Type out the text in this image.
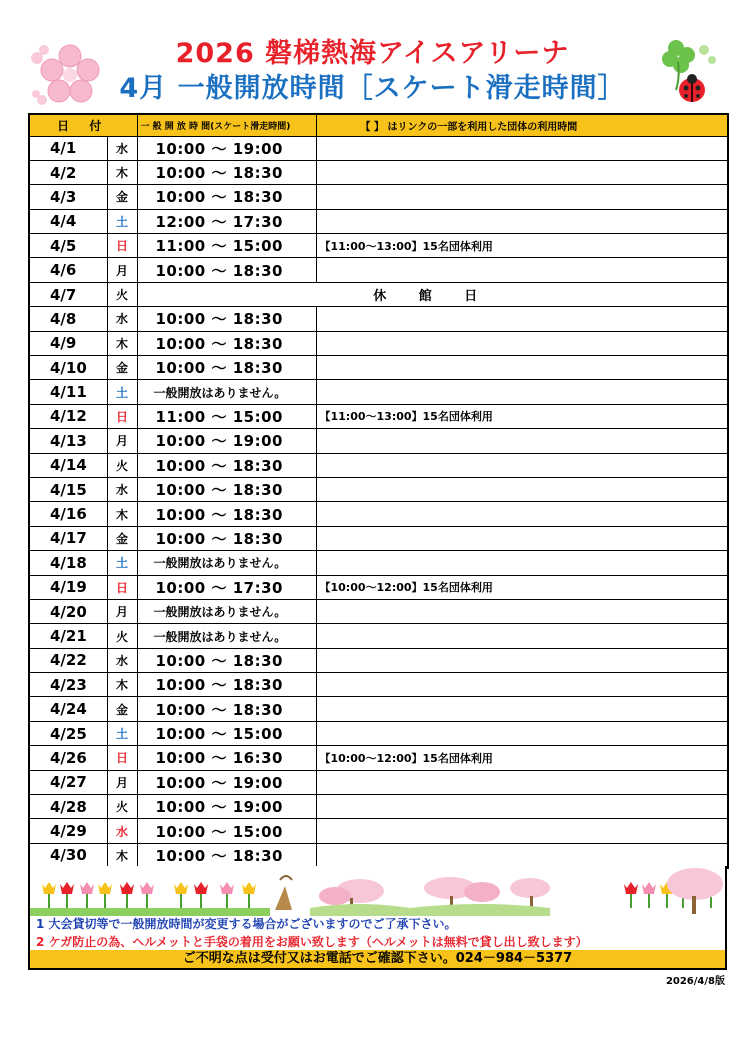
2026 磐梯熱海アイスアリーナ
4月 一般開放時間［スケート滑走時間］
日 付		一 般 開 放 時 間(スケート滑走時間)	【 】 はリンクの一部を利用した団体の利用時間
4/1	水	10:00 ～ 19:00	
4/2	木	10:00 ～ 18:30	
4/3	金	10:00 ～ 18:30	
4/4	土	12:00 ～ 17:30	
4/5	日	11:00 ～ 15:00	【11:00～13:00】15名団体利用
4/6	月	10:00 ～ 18:30	
4/7	火	休 館 日	
4/8	水	10:00 ～ 18:30	
4/9	木	10:00 ～ 18:30	
4/10	金	10:00 ～ 18:30	
4/11	土	一般開放はありません。	
4/12	日	11:00 ～ 15:00	【11:00～13:00】15名団体利用
4/13	月	10:00 ～ 19:00	
4/14	火	10:00 ～ 18:30	
4/15	水	10:00 ～ 18:30	
4/16	木	10:00 ～ 18:30	
4/17	金	10:00 ～ 18:30	
4/18	土	一般開放はありません。	
4/19	日	10:00 ～ 17:30	【10:00～12:00】15名団体利用
4/20	月	一般開放はありません。	
4/21	火	一般開放はありません。	
4/22	水	10:00 ～ 18:30	
4/23	木	10:00 ～ 18:30	
4/24	金	10:00 ～ 18:30	
4/25	土	10:00 ～ 15:00	
4/26	日	10:00 ～ 16:30	【10:00～12:00】15名団体利用
4/27	月	10:00 ～ 19:00	
4/28	火	10:00 ～ 19:00	
4/29	水	10:00 ～ 15:00	
4/30	木	10:00 ～ 18:30	
1 大会貸切等で一般開放時間が変更する場合がございますのでご了承下さい。
2 ケガ防止の為、ヘルメットと手袋の着用をお願い致します（ヘルメットは無料で貸し出し致します）
ご不明な点は受付又はお電話でご確認下さい。024－984－5377
2026/4/8版
